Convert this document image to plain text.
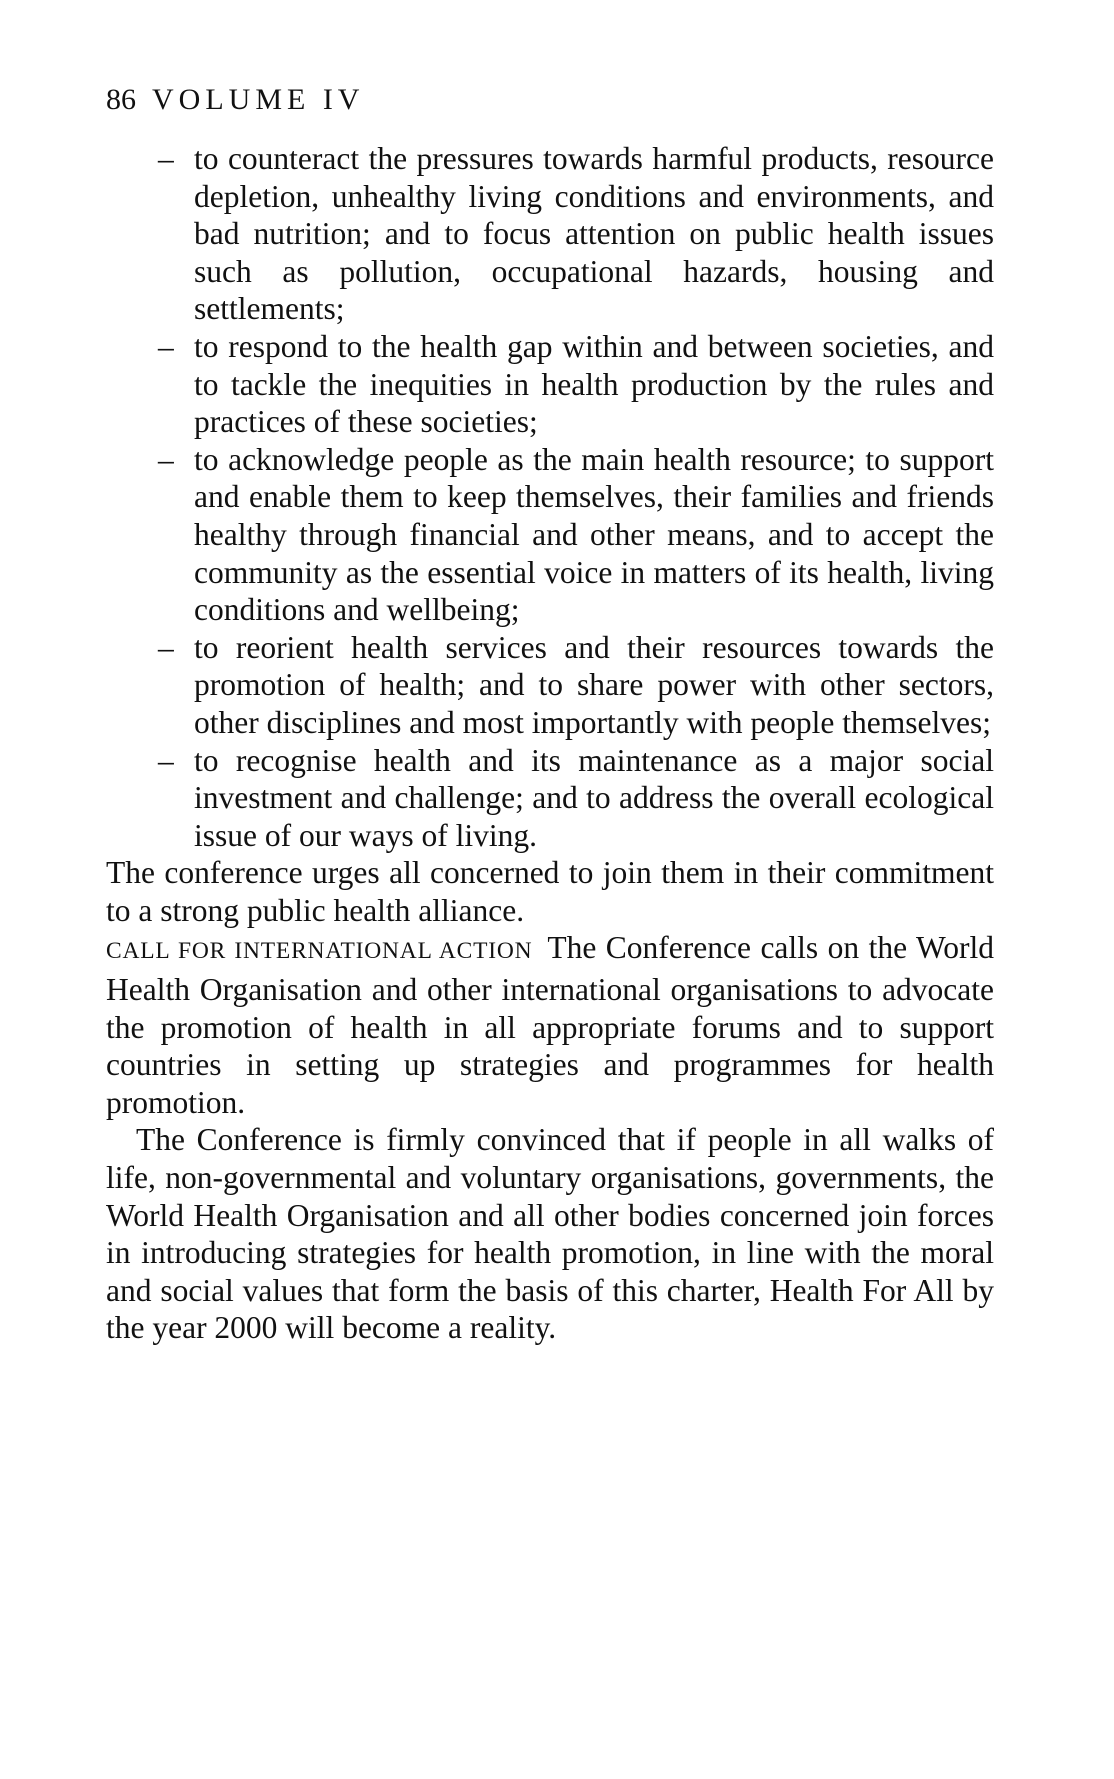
86 VOLUME IV
– to counteract the pressures towards harmful products, resource depletion, unhealthy living conditions and environments, and bad nutrition; and to focus attention on public health issues such as pollution, occupational hazards, housing and settlements;
– to respond to the health gap within and between societies, and to tackle the inequities in health production by the rules and practices of these societies;
– to acknowledge people as the main health resource; to support and enable them to keep themselves, their families and friends healthy through financial and other means, and to accept the community as the essential voice in matters of its health, living conditions and wellbeing;
– to reorient health services and their resources towards the promotion of health; and to share power with other sectors, other disciplines and most importantly with people themselves;
– to recognise health and its maintenance as a major social investment and challenge; and to address the overall ecological issue of our ways of living.

The conference urges all concerned to join them in their commitment to a strong public health alliance.

CALL FOR INTERNATIONAL ACTION The Conference calls on the World Health Organisation and other international organisations to advocate the promotion of health in all appropriate forums and to support countries in setting up strategies and programmes for health promotion.

The Conference is firmly convinced that if people in all walks of life, non-governmental and voluntary organisations, governments, the World Health Organisation and all other bodies concerned join forces in introducing strategies for health promotion, in line with the moral and social values that form the basis of this charter, Health For All by the year 2000 will become a reality.
